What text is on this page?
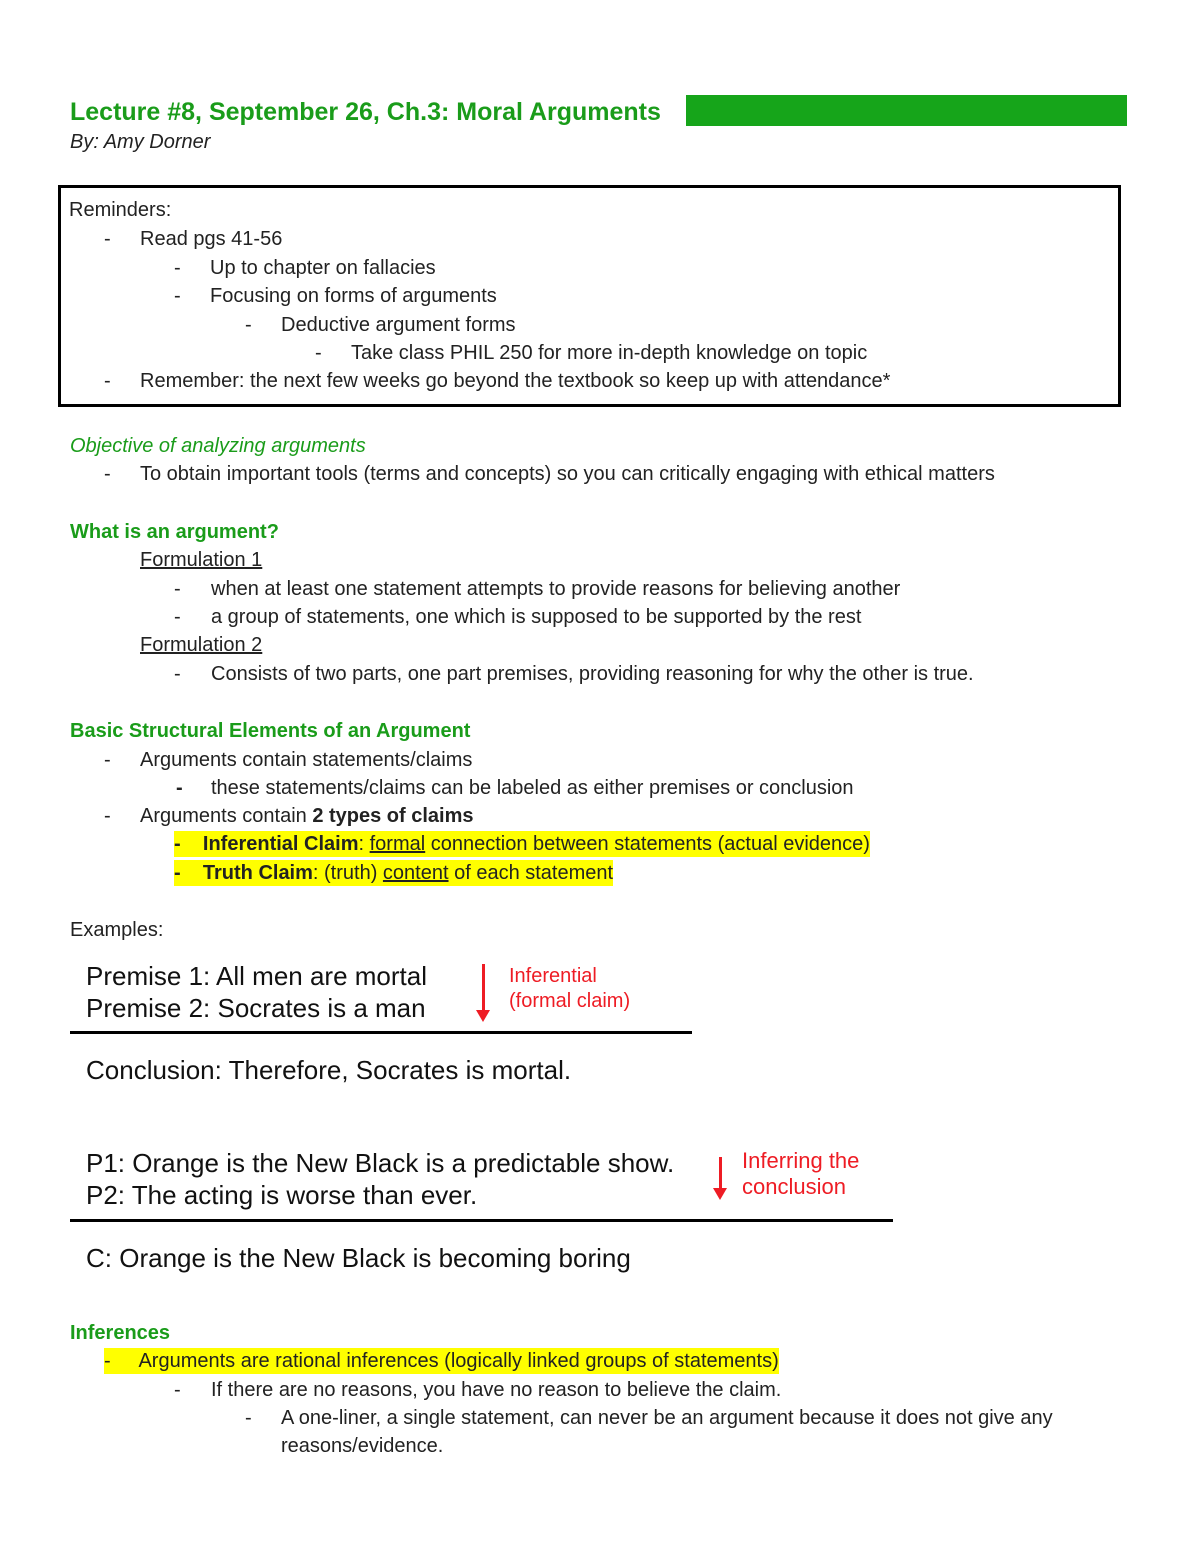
Lecture #8, September 26, Ch.3: Moral Arguments
By: Amy Dorner
Reminders:
- Read pgs 41-56
- Up to chapter on fallacies
- Focusing on forms of arguments
- Deductive argument forms
- Take class PHIL 250 for more in-depth knowledge on topic
- Remember: the next few weeks go beyond the textbook so keep up with attendance*
Objective of analyzing arguments
- To obtain important tools (terms and concepts) so you can critically engaging with ethical matters
What is an argument?
Formulation 1
- when at least one statement attempts to provide reasons for believing another
- a group of statements, one which is supposed to be supported by the rest
Formulation 2
- Consists of two parts, one part premises, providing reasoning for why the other is true.
Basic Structural Elements of an Argument
- Arguments contain statements/claims
- these statements/claims can be labeled as either premises or conclusion
- Arguments contain 2 types of claims
-    Inferential Claim: formal connection between statements (actual evidence)
-    Truth Claim: (truth) content of each statement
Examples:
Premise 1: All men are mortal
Premise 2: Socrates is a man
Inferential
(formal claim)
Conclusion: Therefore, Socrates is mortal.
P1: Orange is the New Black is a predictable show.
P2: The acting is worse than ever.
Inferring the
conclusion
C: Orange is the New Black is becoming boring
Inferences
-     Arguments are rational inferences (logically linked groups of statements)
- If there are no reasons, you have no reason to believe the claim.
- A one-liner, a single statement, can never be an argument because it does not give any
reasons/evidence.
